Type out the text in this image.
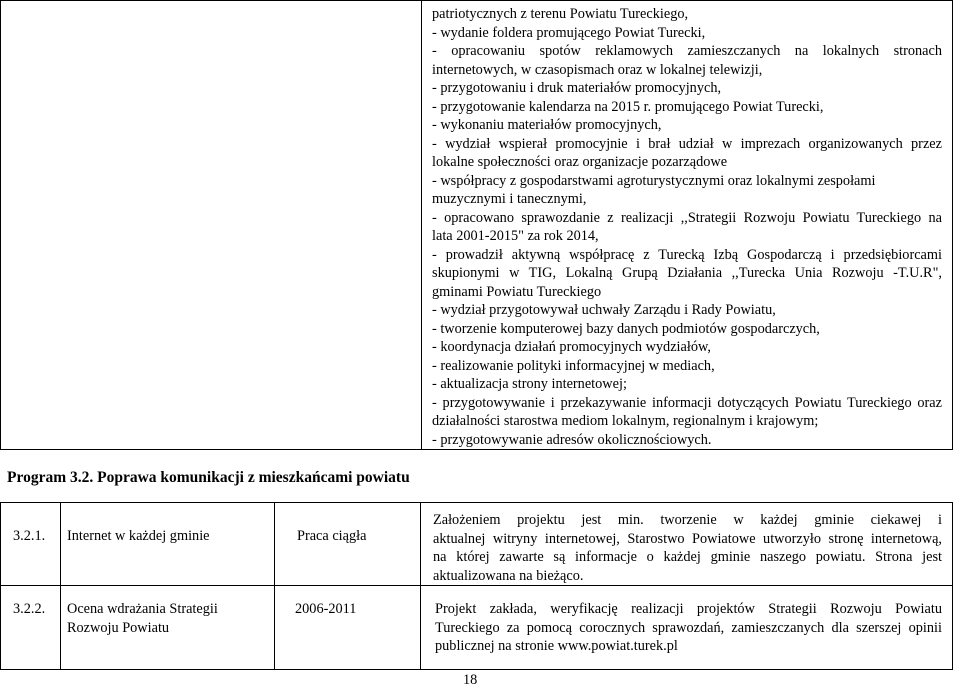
patriotycznych z terenu Powiatu Tureckiego,
- wydanie foldera promującego Powiat Turecki,
- opracowaniu spotów reklamowych zamieszczanych na lokalnych stronach
internetowych, w czasopismach oraz w lokalnej telewizji,
- przygotowaniu i druk materiałów promocyjnych,
- przygotowanie kalendarza na 2015 r. promującego Powiat Turecki,
- wykonaniu materiałów promocyjnych,
- wydział wspierał promocyjnie i brał udział w imprezach organizowanych przez
lokalne społeczności oraz organizacje pozarządowe
- współpracy z gospodarstwami agroturystycznymi oraz lokalnymi zespołami
muzycznymi i tanecznymi,
- opracowano sprawozdanie z realizacji ,,Strategii Rozwoju Powiatu Tureckiego na
lata 2001-2015" za rok 2014,
- prowadził aktywną współpracę z Turecką Izbą Gospodarczą i przedsiębiorcami
skupionymi w TIG, Lokalną Grupą Działania ,,Turecka Unia Rozwoju -T.U.R",
gminami Powiatu Tureckiego
- wydział przygotowywał uchwały Zarządu i Rady Powiatu,
- tworzenie komputerowej bazy danych podmiotów gospodarczych,
- koordynacja działań promocyjnych wydziałów,
- realizowanie polityki informacyjnej w mediach,
- aktualizacja strony internetowej;
- przygotowywanie i przekazywanie informacji dotyczących Powiatu Tureckiego oraz
działalności starostwa mediom lokalnym, regionalnym i krajowym;
- przygotowywanie adresów okolicznościowych.
Program 3.2. Poprawa komunikacji z mieszkańcami powiatu
3.2.1.	Internet w każdej gminie	Praca ciągła	Założeniem projektu jest min. tworzenie w każdej gminie ciekawej i
aktualnej witryny internetowej, Starostwo Powiatowe utworzyło stronę internetową,
na której zawarte są informacje o każdej gminie naszego powiatu. Strona jest
aktualizowana na bieżąco.

3.2.2.	Ocena wdrażania Strategii Rozwoju Powiatu	2006-2011	Projekt zakłada, weryfikację realizacji projektów Strategii Rozwoju Powiatu
Tureckiego za pomocą corocznych sprawozdań, zamieszczanych dla szerszej opinii
publicznej na stronie www.powiat.turek.pl
18
